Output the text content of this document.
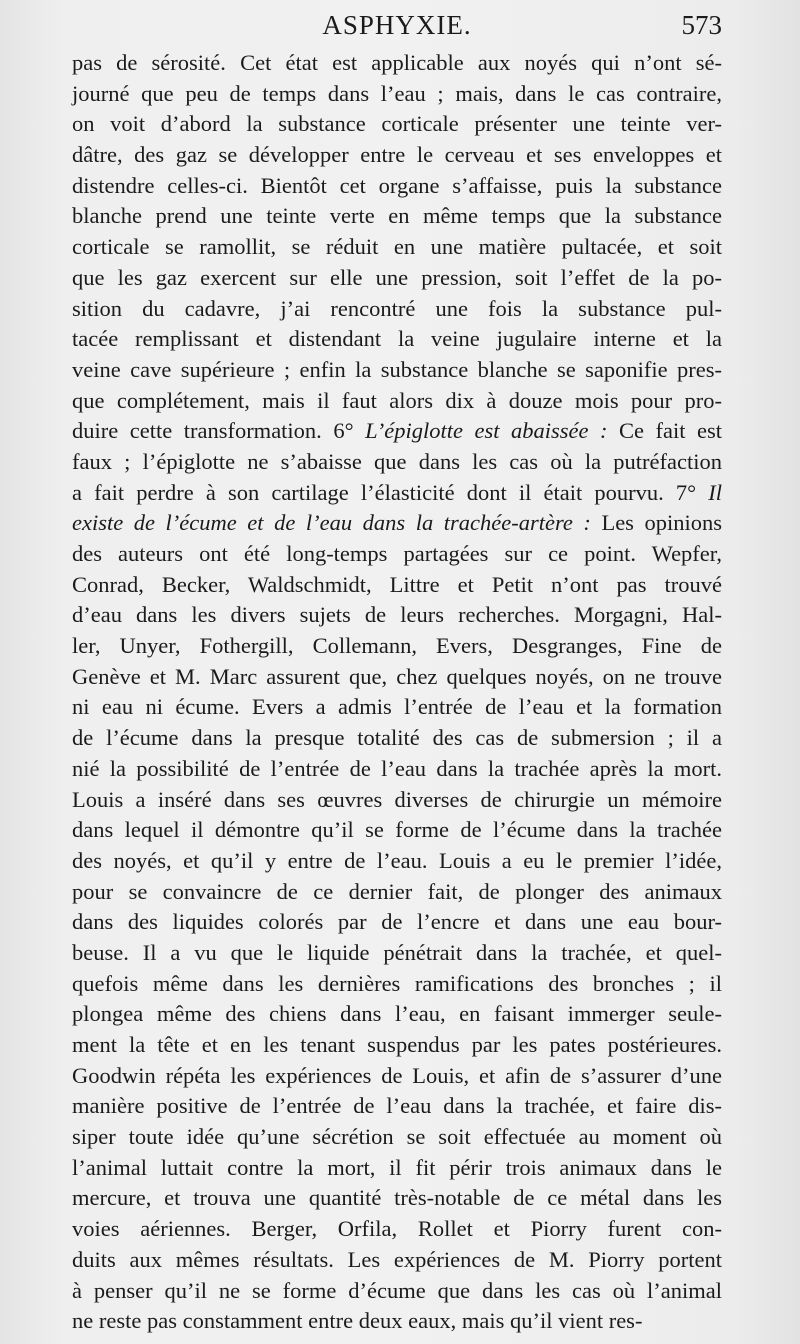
ASPHYXIE.	573
pas de sérosité. Cet état est applicable aux noyés qui n’ont sé-
journé que peu de temps dans l’eau ; mais, dans le cas contraire,
on voit d’abord la substance corticale présenter une teinte ver-
dâtre, des gaz se développer entre le cerveau et ses enveloppes et
distendre celles-ci. Bientôt cet organe s’affaisse, puis la substance
blanche prend une teinte verte en même temps que la substance
corticale se ramollit, se réduit en une matière pultacée, et soit
que les gaz exercent sur elle une pression, soit l’effet de la po-
sition du cadavre, j’ai rencontré une fois la substance pul-
tacée remplissant et distendant la veine jugulaire interne et la
veine cave supérieure ; enfin la substance blanche se saponifie pres-
que complétement, mais il faut alors dix à douze mois pour pro-
duire cette transformation. 6° L’épiglotte est abaissée : Ce fait est
faux ; l’épiglotte ne s’abaisse que dans les cas où la putréfaction
a fait perdre à son cartilage l’élasticité dont il était pourvu. 7° Il
existe de l’écume et de l’eau dans la trachée-artère : Les opinions
des auteurs ont été long-temps partagées sur ce point. Wepfer,
Conrad, Becker, Waldschmidt, Littre et Petit n’ont pas trouvé
d’eau dans les divers sujets de leurs recherches. Morgagni, Hal-
ler, Unyer, Fothergill, Collemann, Evers, Desgranges, Fine de
Genève et M. Marc assurent que, chez quelques noyés, on ne trouve
ni eau ni écume. Evers a admis l’entrée de l’eau et la formation
de l’écume dans la presque totalité des cas de submersion ; il a
nié la possibilité de l’entrée de l’eau dans la trachée après la mort.
Louis a inséré dans ses œuvres diverses de chirurgie un mémoire
dans lequel il démontre qu’il se forme de l’écume dans la trachée
des noyés, et qu’il y entre de l’eau. Louis a eu le premier l’idée,
pour se convaincre de ce dernier fait, de plonger des animaux
dans des liquides colorés par de l’encre et dans une eau bour-
beuse. Il a vu que le liquide pénétrait dans la trachée, et quel-
quefois même dans les dernières ramifications des bronches ; il
plongea même des chiens dans l’eau, en faisant immerger seule-
ment la tête et en les tenant suspendus par les pates postérieures.
Goodwin répéta les expériences de Louis, et afin de s’assurer d’une
manière positive de l’entrée de l’eau dans la trachée, et faire dis-
siper toute idée qu’une sécrétion se soit effectuée au moment où
l’animal luttait contre la mort, il fit périr trois animaux dans le
mercure, et trouva une quantité très-notable de ce métal dans les
voies aériennes. Berger, Orfila, Rollet et Piorry furent con-
duits aux mêmes résultats. Les expériences de M. Piorry portent
à penser qu’il ne se forme d’écume que dans les cas où l’animal
ne reste pas constamment entre deux eaux, mais qu’il vient res-
